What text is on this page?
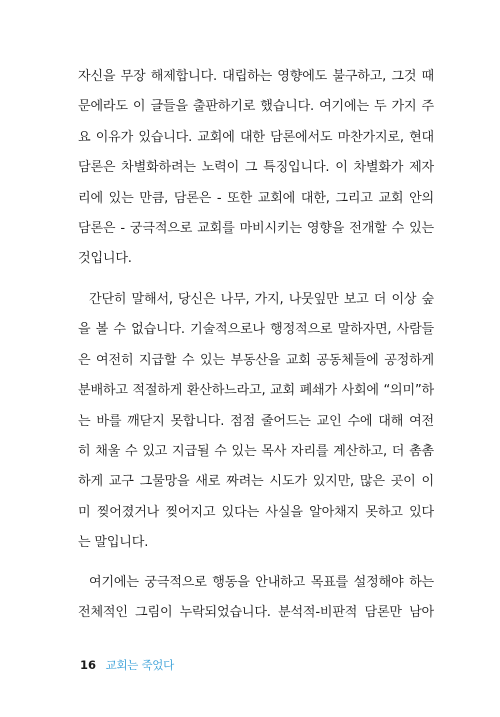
자신을 무장 해제합니다. 대립하는 영향에도 불구하고, 그것 때
문에라도 이 글들을 출판하기로 했습니다. 여기에는 두 가지 주
요 이유가 있습니다. 교회에 대한 담론에서도 마찬가지로, 현대
담론은 차별화하려는 노력이 그 특징입니다. 이 차별화가 제자
리에 있는 만큼, 담론은 - 또한 교회에 대한, 그리고 교회 안의
담론은 - 궁극적으로 교회를 마비시키는 영향을 전개할 수 있는
것입니다.
간단히 말해서, 당신은 나무, 가지, 나뭇잎만 보고 더 이상 숲
을 볼 수 없습니다. 기술적으로나 행정적으로 말하자면, 사람들
은 여전히 지급할 수 있는 부동산을 교회 공동체들에 공정하게
분배하고 적절하게 환산하느라고, 교회 폐쇄가 사회에 “의미”하
는 바를 깨닫지 못합니다. 점점 줄어드는 교인 수에 대해 여전
히 채울 수 있고 지급될 수 있는 목사 자리를 계산하고, 더 촘촘
하게 교구 그물망을 새로 짜려는 시도가 있지만, 많은 곳이 이
미 찢어졌거나 찢어지고 있다는 사실을 알아채지 못하고 있다
는 말입니다.
여기에는 궁극적으로 행동을 안내하고 목표를 설정해야 하는
전체적인 그림이 누락되었습니다. 분석적-비판적 담론만 남아
16 교회는 죽었다
